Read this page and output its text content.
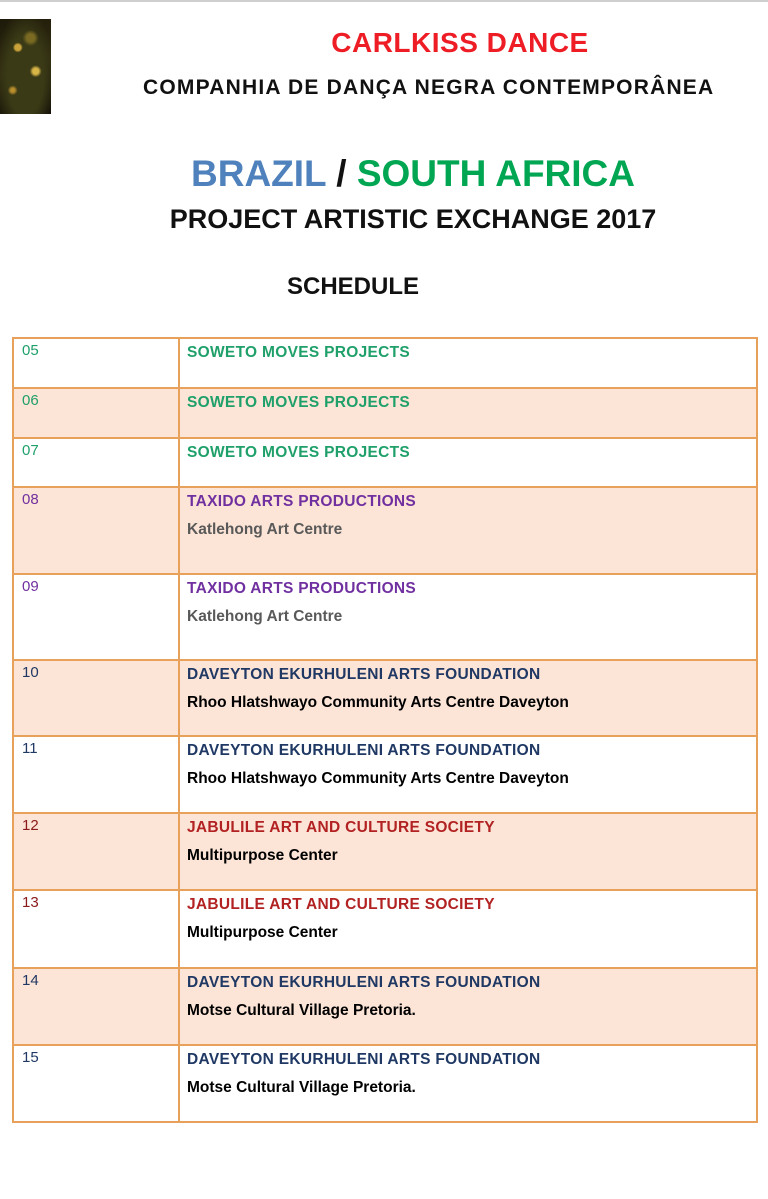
CARLKISS DANCE
COMPANHIA DE DANÇA NEGRA CONTEMPORÂNEA
BRAZIL / SOUTH AFRICA
PROJECT ARTISTIC EXCHANGE 2017
SCHEDULE
05	SOWETO MOVES PROJECTS

06	SOWETO MOVES PROJECTS

07	SOWETO MOVES PROJECTS

08	TAXIDO ARTS PRODUCTIONS
Katlehong Art Centre

09	TAXIDO ARTS PRODUCTIONS
Katlehong Art Centre

10	DAVEYTON EKURHULENI ARTS FOUNDATION
Rhoo Hlatshwayo Community Arts Centre Daveyton

11	DAVEYTON EKURHULENI ARTS FOUNDATION
Rhoo Hlatshwayo Community Arts Centre Daveyton

12	JABULILE ART AND CULTURE SOCIETY
Multipurpose Center

13	JABULILE ART AND CULTURE SOCIETY
Multipurpose Center

14	DAVEYTON EKURHULENI ARTS FOUNDATION
Motse Cultural Village Pretoria.

15	DAVEYTON EKURHULENI ARTS FOUNDATION
Motse Cultural Village Pretoria.
